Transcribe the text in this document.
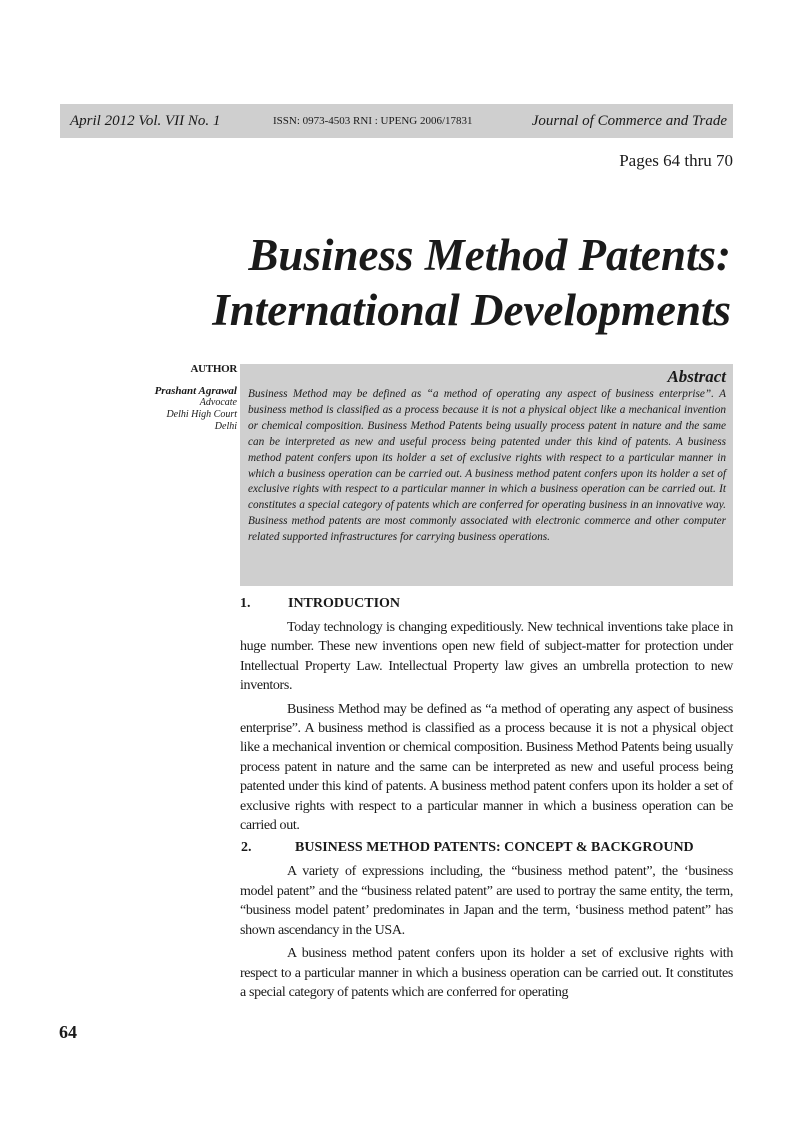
April 2012 Vol. VII No. 1	ISSN: 0973-4503 RNI : UPENG 2006/17831	Journal of Commerce and Trade
Pages 64 thru 70
Business Method Patents:
International Developments
AUTHOR
Prashant Agrawal
Advocate
Delhi High Court
Delhi
Abstract
Business Method may be defined as “a method of operating any aspect of business enterprise”. A business method is classified as a process because it is not a physical object like a mechanical invention or chemical composition. Business Method Patents being usually process patent in nature and the same can be interpreted as new and useful process being patented under this kind of patents. A business method patent confers upon its holder a set of exclusive rights with respect to a particular manner in which a business operation can be carried out. A business method patent confers upon its holder a set of exclusive rights with respect to a particular manner in which a business operation can be carried out. It constitutes a special category of patents which are conferred for operating business in an innovative way. Business method patents are most commonly associated with electronic commerce and other computer related supported infrastructures for carrying business operations.
1.	INTRODUCTION

Today technology is changing expeditiously. New technical inventions take place in huge number. These new inventions open new field of subject-matter for protection under Intellectual Property Law. Intellectual Property law gives an umbrella protection to new inventors.

Business Method may be defined as “a method of operating any aspect of business enterprise”. A business method is classified as a process because it is not a physical object like a mechanical invention or chemical composition. Business Method Patents being usually process patent in nature and the same can be interpreted as new and useful process being patented under this kind of patents. A business method patent confers upon its holder a set of exclusive rights with respect to a particular manner in which a business operation can be carried out.

2.	BUSINESS METHOD PATENTS: CONCEPT & BACKGROUND

A variety of expressions including, the “business method patent”, the ‘business model patent” and the “business related patent” are used to portray the same entity, the term, “business model patent’ predominates in Japan and the term, ‘business method patent” has shown ascendancy in the USA.

A business method patent confers upon its holder a set of exclusive rights with respect to a particular manner in which a business operation can be carried out. It constitutes a special category of patents which are conferred for operating

64
